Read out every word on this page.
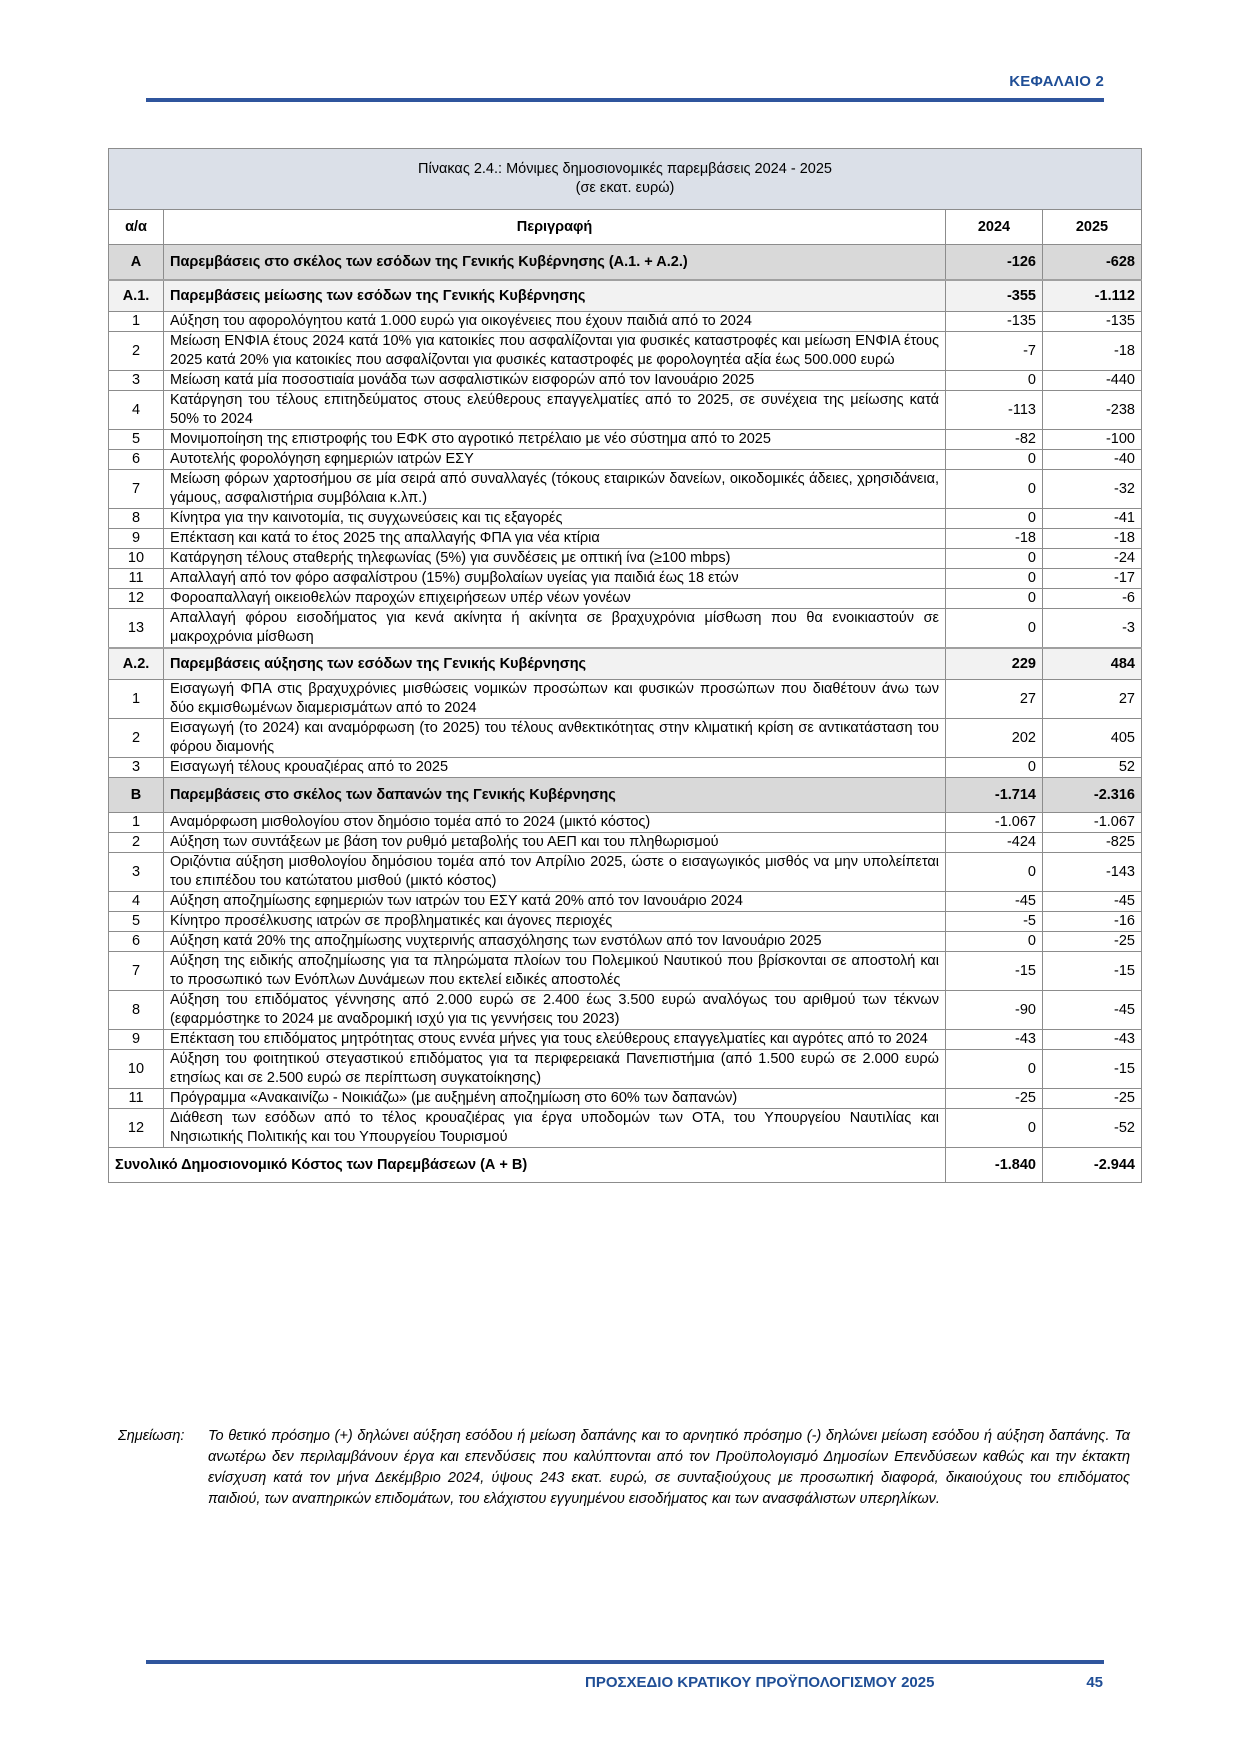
ΚΕΦΑΛΑΙΟ 2
Πίνακας 2.4.: Μόνιμες δημοσιονομικές παρεμβάσεις 2024 - 2025
(σε εκατ. ευρώ)			

α/α	Περιγραφή	2024	2025
Α	Παρεμβάσεις στο σκέλος των εσόδων της Γενικής Κυβέρνησης (Α.1. + Α.2.)	-126	-628
Α.1.	Παρεμβάσεις μείωσης των εσόδων της Γενικής Κυβέρνησης	-355	-1.112
1	Αύξηση του αφορολόγητου κατά 1.000 ευρώ για οικογένειες που έχουν παιδιά από το 2024	-135	-135
2	Μείωση ΕΝΦΙΑ έτους 2024 κατά 10% για κατοικίες που ασφαλίζονται για φυσικές καταστροφές και μείωση ΕΝΦΙΑ έτους 2025 κατά 20% για κατοικίες που ασφαλίζονται για φυσικές καταστροφές με φορολογητέα αξία έως 500.000 ευρώ	-7	-18
3	Μείωση κατά μία ποσοστιαία μονάδα των ασφαλιστικών εισφορών από τον Ιανουάριο 2025	0	-440
4	Κατάργηση του τέλους επιτηδεύματος στους ελεύθερους επαγγελματίες από το 2025, σε συνέχεια της μείωσης κατά 50% το 2024	-113	-238
5	Μονιμοποίηση της επιστροφής του ΕΦΚ στο αγροτικό πετρέλαιο με νέο σύστημα από το 2025	-82	-100
6	Αυτοτελής φορολόγηση εφημεριών ιατρών ΕΣΥ	0	-40
7	Μείωση φόρων χαρτοσήμου σε μία σειρά από συναλλαγές (τόκους εταιρικών δανείων, οικοδομικές άδειες, χρησιδάνεια, γάμους, ασφαλιστήρια συμβόλαια κ.λπ.)	0	-32
8	Κίνητρα για την καινοτομία, τις συγχωνεύσεις και τις εξαγορές	0	-41
9	Επέκταση και κατά το έτος 2025 της απαλλαγής ΦΠΑ για νέα κτίρια	-18	-18
10	Κατάργηση τέλους σταθερής τηλεφωνίας (5%) για συνδέσεις με οπτική ίνα (≥100 mbps)	0	-24
11	Απαλλαγή από τον φόρο ασφαλίστρου (15%) συμβολαίων υγείας για παιδιά έως 18 ετών	0	-17
12	Φοροαπαλλαγή οικειοθελών παροχών επιχειρήσεων υπέρ νέων γονέων	0	-6
13	Απαλλαγή φόρου εισοδήματος για κενά ακίνητα ή ακίνητα σε βραχυχρόνια μίσθωση που θα ενοικιαστούν σε μακροχρόνια μίσθωση	0	-3
Α.2.	Παρεμβάσεις αύξησης των εσόδων της Γενικής Κυβέρνησης	229	484
1	Εισαγωγή ΦΠΑ στις βραχυχρόνιες μισθώσεις νομικών προσώπων και φυσικών προσώπων που διαθέτουν άνω των δύο εκμισθωμένων διαμερισμάτων από το 2024	27	27
2	Εισαγωγή (το 2024) και αναμόρφωση (το 2025) του τέλους ανθεκτικότητας στην κλιματική κρίση σε αντικατάσταση του φόρου διαμονής	202	405
3	Εισαγωγή τέλους κρουαζιέρας από το 2025	0	52
Β	Παρεμβάσεις στο σκέλος των δαπανών της Γενικής Κυβέρνησης	-1.714	-2.316
1	Αναμόρφωση μισθολογίου στον δημόσιο τομέα από το 2024 (μικτό κόστος)	-1.067	-1.067
2	Αύξηση των συντάξεων με βάση τον ρυθμό μεταβολής του ΑΕΠ και του πληθωρισμού	-424	-825
3	Οριζόντια αύξηση μισθολογίου δημόσιου τομέα από τον Απρίλιο 2025, ώστε ο εισαγωγικός μισθός να μην υπολείπεται του επιπέδου του κατώτατου μισθού (μικτό κόστος)	0	-143
4	Αύξηση αποζημίωσης εφημεριών των ιατρών του ΕΣΥ κατά 20% από τον Ιανουάριο 2024	-45	-45
5	Κίνητρο προσέλκυσης ιατρών σε προβληματικές και άγονες περιοχές	-5	-16
6	Αύξηση κατά 20% της αποζημίωσης νυχτερινής απασχόλησης των ενστόλων από τον Ιανουάριο 2025	0	-25
7	Αύξηση της ειδικής αποζημίωσης για τα πληρώματα πλοίων του Πολεμικού Ναυτικού που βρίσκονται σε αποστολή και το προσωπικό των Ενόπλων Δυνάμεων που εκτελεί ειδικές αποστολές	-15	-15
8	Αύξηση του επιδόματος γέννησης από 2.000 ευρώ σε 2.400 έως 3.500 ευρώ αναλόγως του αριθμού των τέκνων (εφαρμόστηκε το 2024 με αναδρομική ισχύ για τις γεννήσεις του 2023)	-90	-45
9	Επέκταση του επιδόματος μητρότητας στους εννέα μήνες για τους ελεύθερους επαγγελματίες και αγρότες από το 2024	-43	-43
10	Αύξηση του φοιτητικού στεγαστικού επιδόματος για τα περιφερειακά Πανεπιστήμια (από 1.500 ευρώ σε 2.000 ευρώ ετησίως και σε 2.500 ευρώ σε περίπτωση συγκατοίκησης)	0	-15
11	Πρόγραμμα «Ανακαινίζω - Νοικιάζω» (με αυξημένη αποζημίωση στο 60% των δαπανών)	-25	-25
12	Διάθεση των εσόδων από το τέλος κρουαζιέρας για έργα υποδομών των ΟΤΑ, του Υπουργείου Ναυτιλίας και Νησιωτικής Πολιτικής και του Υπουργείου Τουρισμού	0	-52
Συνολικό Δημοσιονομικό Κόστος των Παρεμβάσεων (Α + Β)		-1.840	-2.944
Σημείωση: Το θετικό πρόσημο (+) δηλώνει αύξηση εσόδου ή μείωση δαπάνης και το αρνητικό πρόσημο (-) δηλώνει μείωση εσόδου ή αύξηση δαπάνης. Τα ανωτέρω δεν περιλαμβάνουν έργα και επενδύσεις που καλύπτονται από τον Προϋπολογισμό Δημοσίων Επενδύσεων καθώς και την έκτακτη ενίσχυση κατά τον μήνα Δεκέμβριο 2024, ύψους 243 εκατ. ευρώ, σε συνταξιούχους με προσωπική διαφορά, δικαιούχους του επιδόματος παιδιού, των αναπηρικών επιδομάτων, του ελάχιστου εγγυημένου εισοδήματος και των ανασφάλιστων υπερηλίκων.
ΠΡΟΣΧΕΔΙΟ ΚΡΑΤΙΚΟΥ ΠΡΟΫΠΟΛΟΓΙΣΜΟΥ 2025	45
